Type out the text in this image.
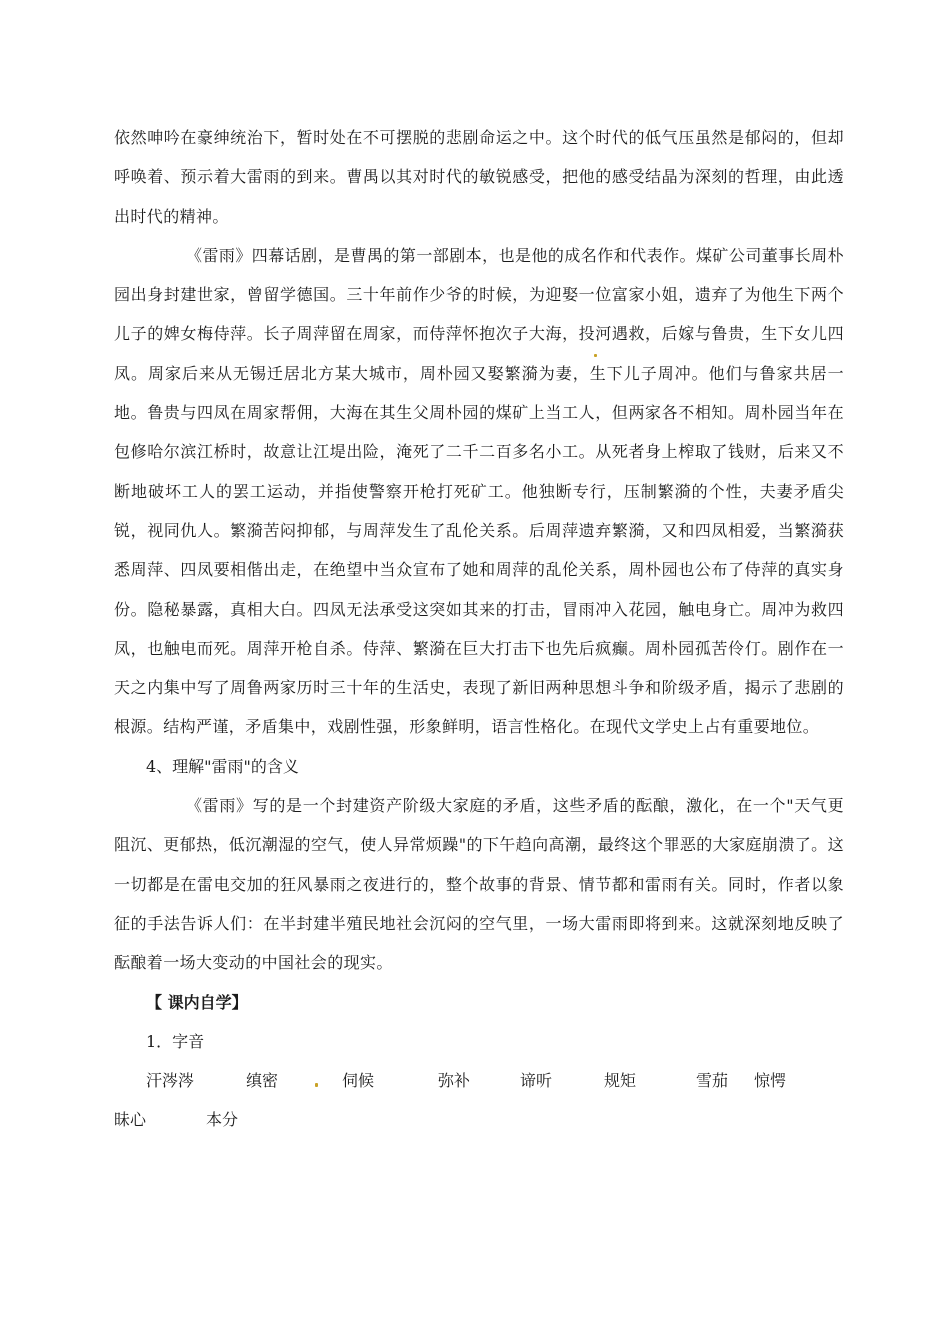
依然呻吟在豪绅统治下，暂时处在不可摆脱的悲剧命运之中。这个时代的低气压虽然是郁闷的，但却呼唤着、预示着大雷雨的到来。曹禺以其对时代的敏锐感受，把他的感受结晶为深刻的哲理，由此透出时代的精神。

《雷雨》四幕话剧，是曹禺的第一部剧本，也是他的成名作和代表作。煤矿公司董事长周朴园出身封建世家，曾留学德国。三十年前作少爷的时候，为迎娶一位富家小姐，遗弃了为他生下两个儿子的婢女梅侍萍。长子周萍留在周家，而侍萍怀抱次子大海，投河遇救，后嫁与鲁贵，生下女儿四凤。周家后来从无锡迁居北方某大城市，周朴园又娶繁漪为妻，生下儿子周冲。他们与鲁家共居一地。鲁贵与四凤在周家帮佣，大海在其生父周朴园的煤矿上当工人，但两家各不相知。周朴园当年在包修哈尔滨江桥时，故意让江堤出险，淹死了二千二百多名小工。从死者身上榨取了钱财，后来又不断地破坏工人的罢工运动，并指使警察开枪打死矿工。他独断专行，压制繁漪的个性，夫妻矛盾尖锐，视同仇人。繁漪苦闷抑郁，与周萍发生了乱伦关系。后周萍遗弃繁漪，又和四凤相爱，当繁漪获悉周萍、四凤要相偕出走，在绝望中当众宣布了她和周萍的乱伦关系，周朴园也公布了侍萍的真实身份。隐秘暴露，真相大白。四凤无法承受这突如其来的打击，冒雨冲入花园，触电身亡。周冲为救四凤，也触电而死。周萍开枪自杀。侍萍、繁漪在巨大打击下也先后疯癫。周朴园孤苦伶仃。剧作在一天之内集中写了周鲁两家历时三十年的生活史，表现了新旧两种思想斗争和阶级矛盾，揭示了悲剧的根源。结构严谨，矛盾集中，戏剧性强，形象鲜明，语言性格化。在现代文学史上占有重要地位。

4、理解"雷雨"的含义

《雷雨》写的是一个封建资产阶级大家庭的矛盾，这些矛盾的酝酿，激化，在一个"天气更阻沉、更郁热，低沉潮湿的空气，使人异常烦躁"的下午趋向高潮，最终这个罪恶的大家庭崩溃了。这一切都是在雷电交加的狂风暴雨之夜进行的，整个故事的背景、情节都和雷雨有关。同时，作者以象征的手法告诉人们：在半封建半殖民地社会沉闷的空气里，一场大雷雨即将到来。这就深刻地反映了酝酿着一场大变动的中国社会的现实。

【 课内自学】

1．字音

汗涔涔	缜密	伺候	弥补	谛听	规矩	雪茄 惊愕
昧心	本分
